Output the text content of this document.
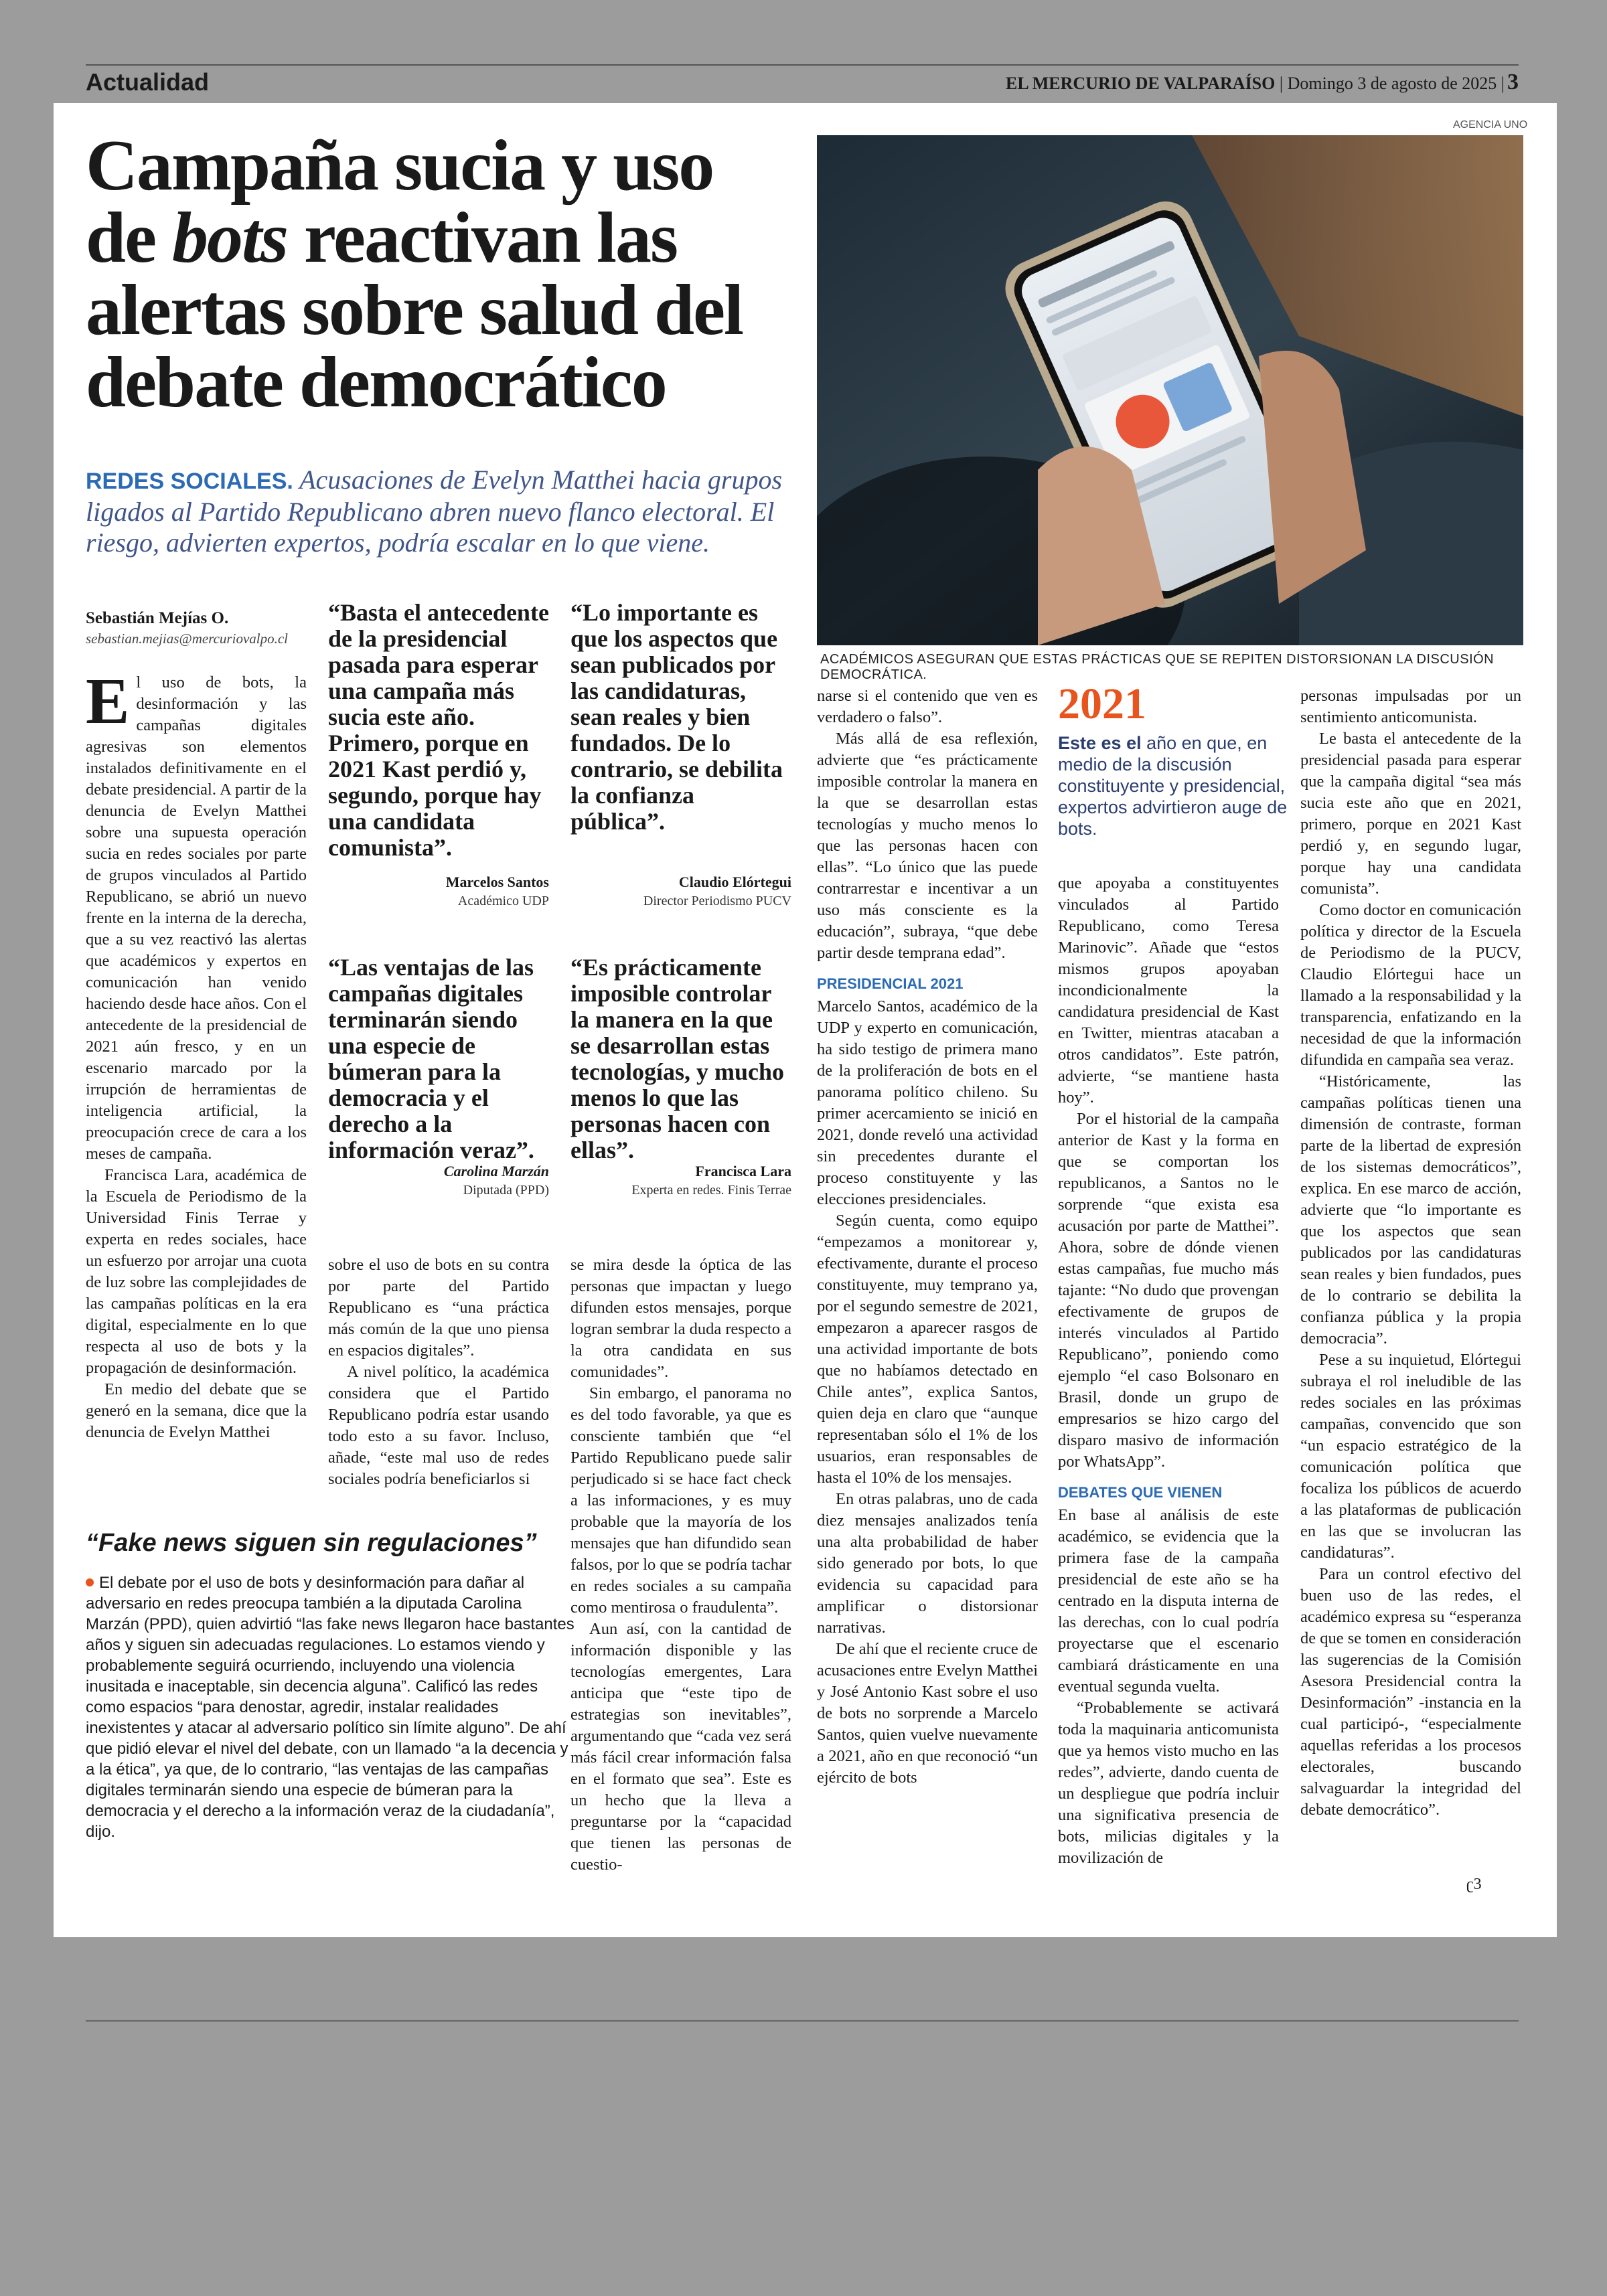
Actualidad	EL MERCURIO DE VALPARAÍSO | Domingo 3 de agosto de 2025 | 3
Campaña sucia y uso
de bots reactivan las
alertas sobre salud del
debate democrático

REDES SOCIALES. Acusaciones de Evelyn Matthei hacia grupos ligados al Partido Republicano abren nuevo flanco electoral. El riesgo, advierten expertos, podría escalar en lo que viene.

AGENCIA UNO
ACADÉMICOS ASEGURAN QUE ESTAS PRÁCTICAS QUE SE REPITEN DISTORSIONAN LA DISCUSIÓN DEMOCRÁTICA.
Sebastián Mejías O.
sebastian.mejias@mercuriovalpo.cl

El uso de bots, la desinformación y las campañas digitales agresivas son elementos instalados definitivamente en el debate presidencial. A partir de la denuncia de Evelyn Matthei sobre una supuesta operación sucia en redes sociales por parte de grupos vinculados al Partido Republicano, se abrió un nuevo frente en la interna de la derecha, que a su vez reactivó las alertas que académicos y expertos en comunicación han venido haciendo desde hace años. Con el antecedente de la presidencial de 2021 aún fresco, y en un escenario marcado por la irrupción de herramientas de inteligencia artificial, la preocupación crece de cara a los meses de campaña.

Francisca Lara, académica de la Escuela de Periodismo de la Universidad Finis Terrae y experta en redes sociales, hace un esfuerzo por arrojar una cuota de luz sobre las complejidades de las campañas políticas en la era digital, especialmente en lo que respecta al uso de bots y la propagación de desinformación.

En medio del debate que se generó en la semana, dice que la denuncia de Evelyn Matthei

“Basta el antecedente de la presidencial pasada para esperar una campaña más sucia este año. Primero, porque en 2021 Kast perdió y, segundo, porque hay una candidata comunista”.

Marcelos Santos
Académico UDP

“Lo importante es que los aspectos que sean publicados por las candidaturas, sean reales y bien fundados. De lo contrario, se debilita la confianza pública”.

Claudio Elórtegui
Director Periodismo PUCV

“Las ventajas de las campañas digitales terminarán siendo una especie de búmeran para la democracia y el derecho a la información veraz”.

Carolina Marzán
Diputada (PPD)

“Es prácticamente imposible controlar la manera en la que se desarrollan estas tecnologías, y mucho menos lo que las personas hacen con ellas”.

Francisca Lara
Experta en redes. Finis Terrae

sobre el uso de bots en su contra por parte del Partido Republicano es “una práctica más común de la que uno piensa en espacios digitales”.

A nivel político, la académica considera que el Partido Republicano podría estar usando todo esto a su favor. Incluso, añade, “este mal uso de redes sociales podría beneficiarlos si

se mira desde la óptica de las personas que impactan y luego difunden estos mensajes, porque logran sembrar la duda respecto a la otra candidata en sus comunidades”.

Sin embargo, el panorama no es del todo favorable, ya que es consciente también que “el Partido Republicano puede salir perjudicado si se hace fact check a las informaciones, y es muy probable que la mayoría de los mensajes que han difundido sean falsos, por lo que se podría tachar en redes sociales a su campaña como mentirosa o fraudulenta”.

Aun así, con la cantidad de información disponible y las tecnologías emergentes, Lara anticipa que “este tipo de estrategias son inevitables”, argumentando que “cada vez será más fácil crear información falsa en el formato que sea”. Este es un hecho que la lleva a preguntarse por la “capacidad que tienen las personas de cuestio-

narse si el contenido que ven es verdadero o falso”.

Más allá de esa reflexión, advierte que “es prácticamente imposible controlar la manera en la que se desarrollan estas tecnologías y mucho menos lo que las personas hacen con ellas”. “Lo único que las puede contrarrestar e incentivar a un uso más consciente es la educación”, subraya, “que debe partir desde temprana edad”.

PRESIDENCIAL 2021

Marcelo Santos, académico de la UDP y experto en comunicación, ha sido testigo de primera mano de la proliferación de bots en el panorama político chileno. Su primer acercamiento se inició en 2021, donde reveló una actividad sin precedentes durante el proceso constituyente y las elecciones presidenciales.

Según cuenta, como equipo “empezamos a monitorear y, efectivamente, durante el proceso constituyente, muy temprano ya, por el segundo semestre de 2021, empezaron a aparecer rasgos de una actividad importante de bots que no habíamos detectado en Chile antes”, explica Santos, quien deja en claro que “aunque representaban sólo el 1% de los usuarios, eran responsables de hasta el 10% de los mensajes.

En otras palabras, uno de cada diez mensajes analizados tenía una alta probabilidad de haber sido generado por bots, lo que evidencia su capacidad para amplificar o distorsionar narrativas.

De ahí que el reciente cruce de acusaciones entre Evelyn Matthei y José Antonio Kast sobre el uso de bots no sorprende a Marcelo Santos, quien vuelve nuevamente a 2021, año en que reconoció “un ejército de bots

2021

Este es el año en que, en medio de la discusión constituyente y presidencial, expertos advirtieron auge de bots.

que apoyaba a constituyentes vinculados al Partido Republicano, como Teresa Marinovic”. Añade que “estos mismos grupos apoyaban incondicionalmente la candidatura presidencial de Kast en Twitter, mientras atacaban a otros candidatos”. Este patrón, advierte, “se mantiene hasta hoy”.

Por el historial de la campaña anterior de Kast y la forma en que se comportan los republicanos, a Santos no le sorprende “que exista esa acusación por parte de Matthei”. Ahora, sobre de dónde vienen estas campañas, fue mucho más tajante: “No dudo que provengan efectivamente de grupos de interés vinculados al Partido Republicano”, poniendo como ejemplo “el caso Bolsonaro en Brasil, donde un grupo de empresarios se hizo cargo del disparo masivo de información por WhatsApp”.

DEBATES QUE VIENEN

En base al análisis de este académico, se evidencia que la primera fase de la campaña presidencial de este año se ha centrado en la disputa interna de las derechas, con lo cual podría proyectarse que el escenario cambiará drásticamente en una eventual segunda vuelta.

“Probablemente se activará toda la maquinaria anticomunista que ya hemos visto mucho en las redes”, advierte, dando cuenta de un despliegue que podría incluir una significativa presencia de bots, milicias digitales y la movilización de

personas impulsadas por un sentimiento anticomunista.

Le basta el antecedente de la presidencial pasada para esperar que la campaña digital “sea más sucia este año que en 2021, primero, porque en 2021 Kast perdió y, en segundo lugar, porque hay una candidata comunista”.

Como doctor en comunicación política y director de la Escuela de Periodismo de la PUCV, Claudio Elórtegui hace un llamado a la responsabilidad y la transparencia, enfatizando en la necesidad de que la información difundida en campaña sea veraz.

“Históricamente, las campañas políticas tienen una dimensión de contraste, forman parte de la libertad de expresión de los sistemas democráticos”, explica. En ese marco de acción, advierte que “lo importante es que los aspectos que sean publicados por las candidaturas sean reales y bien fundados, pues de lo contrario se debilita la confianza pública y la propia democracia”.

Pese a su inquietud, Elórtegui subraya el rol ineludible de las redes sociales en las próximas campañas, convencido que son “un espacio estratégico de la comunicación política que focaliza los públicos de acuerdo a las plataformas de publicación en las que se involucran las candidaturas”.

Para un control efectivo del buen uso de las redes, el académico expresa su “esperanza de que se tomen en consideración las sugerencias de la Comisión Asesora Presidencial contra la Desinformación” -instancia en la cual participó-, “especialmente aquellas referidas a los procesos electorales, buscando salvaguardar la integridad del debate democrático”.

“Fake news siguen sin regulaciones”

El debate por el uso de bots y desinformación para dañar al adversario en redes preocupa también a la diputada Carolina Marzán (PPD), quien advirtió “las fake news llegaron hace bastantes años y siguen sin adecuadas regulaciones. Lo estamos viendo y probablemente seguirá ocurriendo, incluyendo una violencia inusitada e inaceptable, sin decencia alguna”. Calificó las redes como espacios “para denostar, agredir, instalar realidades inexistentes y atacar al adversario político sin límite alguno”. De ahí que pidió elevar el nivel del debate, con un llamado “a la decencia y a la ética”, ya que, de lo contrario, “las ventajas de las campañas digitales terminarán siendo una especie de búmeran para la democracia y el derecho a la información veraz de la ciudadanía”, dijo.

ʗ3
